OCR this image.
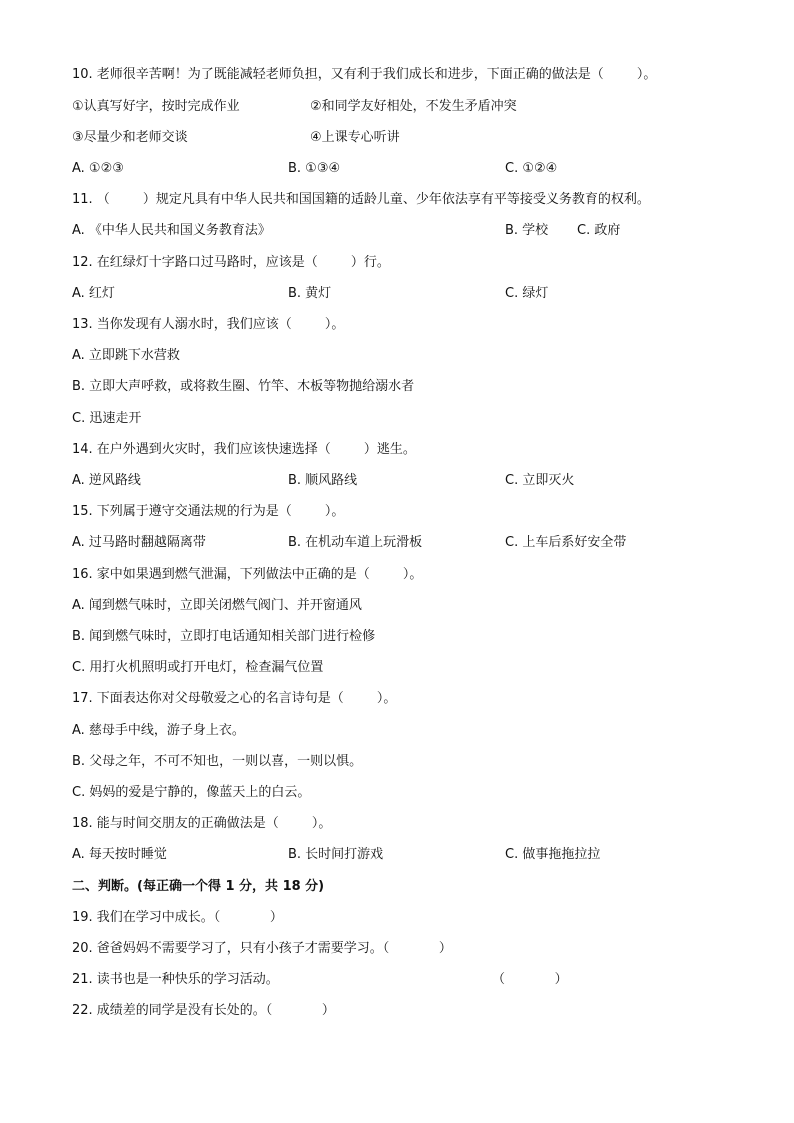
10. 老师很辛苦啊！为了既能减轻老师负担，又有利于我们成长和进步，下面正确的做法是（        ）。
①认真写好字，按时完成作业	②和同学友好相处，不发生矛盾冲突
③尽量少和老师交谈	④上课专心听讲
A. ①②③	B. ①③④	C. ①②④
11. （        ）规定凡具有中华人民共和国国籍的适龄儿童、少年依法享有平等接受义务教育的权利。
A. 《中华人民共和国义务教育法》	B. 学校 C. 政府
12. 在红绿灯十字路口过马路时，应该是（        ）行。
A. 红灯	B. 黄灯	C. 绿灯
13. 当你发现有人溺水时，我们应该（        ）。
A. 立即跳下水营救
B. 立即大声呼救，或将救生圈、竹竿、木板等物抛给溺水者
C. 迅速走开
14. 在户外遇到火灾时，我们应该快速选择（        ）逃生。
A. 逆风路线	B. 顺风路线	C. 立即灭火
15. 下列属于遵守交通法规的行为是（        ）。
A. 过马路时翻越隔离带	B. 在机动车道上玩滑板	C. 上车后系好安全带
16. 家中如果遇到燃气泄漏，下列做法中正确的是（        ）。
A. 闻到燃气味时，立即关闭燃气阀门、并开窗通风
B. 闻到燃气味时，立即打电话通知相关部门进行检修
C. 用打火机照明或打开电灯，检查漏气位置
17. 下面表达你对父母敬爱之心的名言诗句是（        ）。
A. 慈母手中线，游子身上衣。
B. 父母之年，不可不知也，一则以喜，一则以惧。
C. 妈妈的爱是宁静的，像蓝天上的白云。
18. 能与时间交朋友的正确做法是（        ）。
A. 每天按时睡觉	B. 长时间打游戏	C. 做事拖拖拉拉
二、判断。(每正确一个得 1 分，共 18 分)
19. 我们在学习中成长。（            ）
20. 爸爸妈妈不需要学习了，只有小孩子才需要学习。（            ）
21. 读书也是一种快乐的学习活动。	（            ）
22. 成绩差的同学是没有长处的。（            ）
